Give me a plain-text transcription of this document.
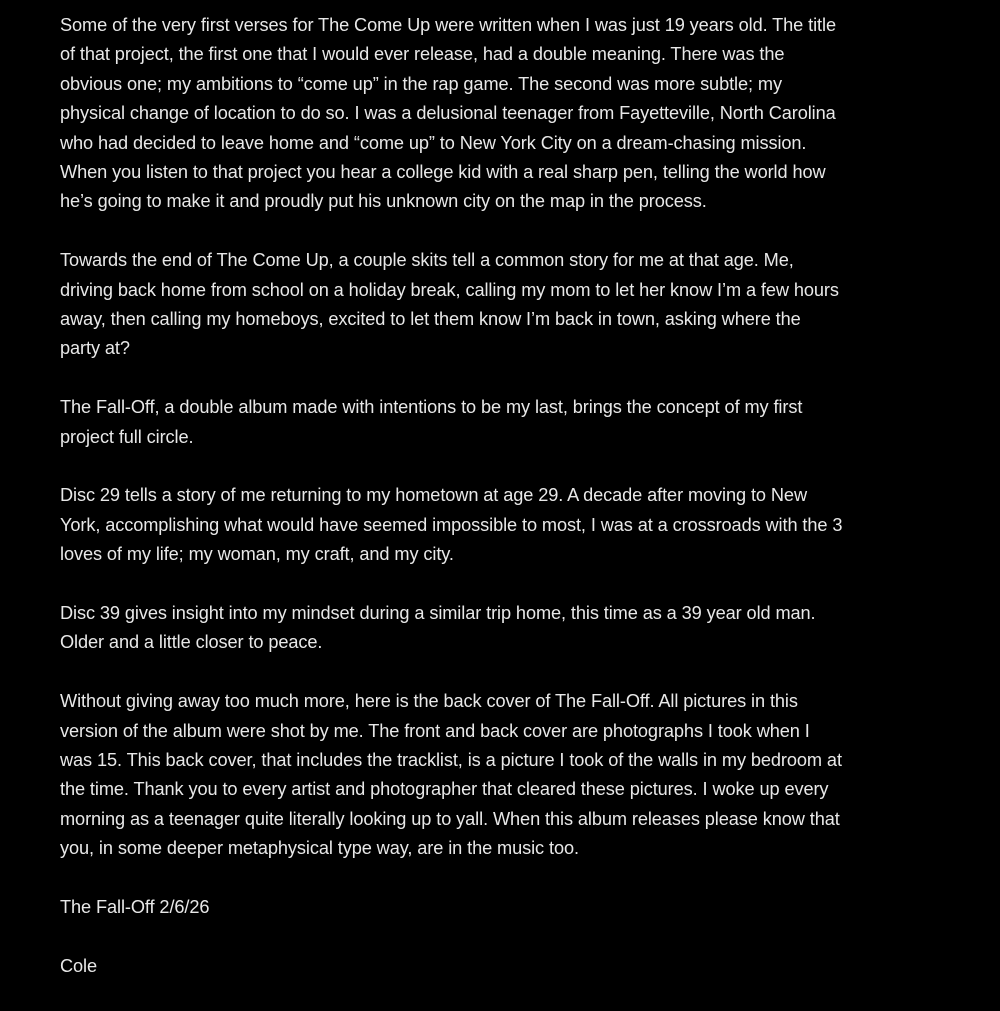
Some of the very first verses for The Come Up were written when I was just 19 years old. The title
of that project, the first one that I would ever release, had a double meaning. There was the
obvious one; my ambitions to “come up” in the rap game. The second was more subtle; my
physical change of location to do so. I was a delusional teenager from Fayetteville, North Carolina
who had decided to leave home and “come up” to New York City on a dream-chasing mission.
When you listen to that project you hear a college kid with a real sharp pen, telling the world how
he’s going to make it and proudly put his unknown city on the map in the process.

Towards the end of The Come Up, a couple skits tell a common story for me at that age. Me,
driving back home from school on a holiday break, calling my mom to let her know I’m a few hours
away, then calling my homeboys, excited to let them know I’m back in town, asking where the
party at?

The Fall-Off, a double album made with intentions to be my last, brings the concept of my first
project full circle.

Disc 29 tells a story of me returning to my hometown at age 29. A decade after moving to New
York, accomplishing what would have seemed impossible to most, I was at a crossroads with the 3
loves of my life; my woman, my craft, and my city.

Disc 39 gives insight into my mindset during a similar trip home, this time as a 39 year old man.
Older and a little closer to peace.

Without giving away too much more, here is the back cover of The Fall-Off. All pictures in this
version of the album were shot by me. The front and back cover are photographs I took when I
was 15. This back cover, that includes the tracklist, is a picture I took of the walls in my bedroom at
the time. Thank you to every artist and photographer that cleared these pictures. I woke up every
morning as a teenager quite literally looking up to yall. When this album releases please know that
you, in some deeper metaphysical type way, are in the music too.

The Fall-Off 2/6/26

Cole
